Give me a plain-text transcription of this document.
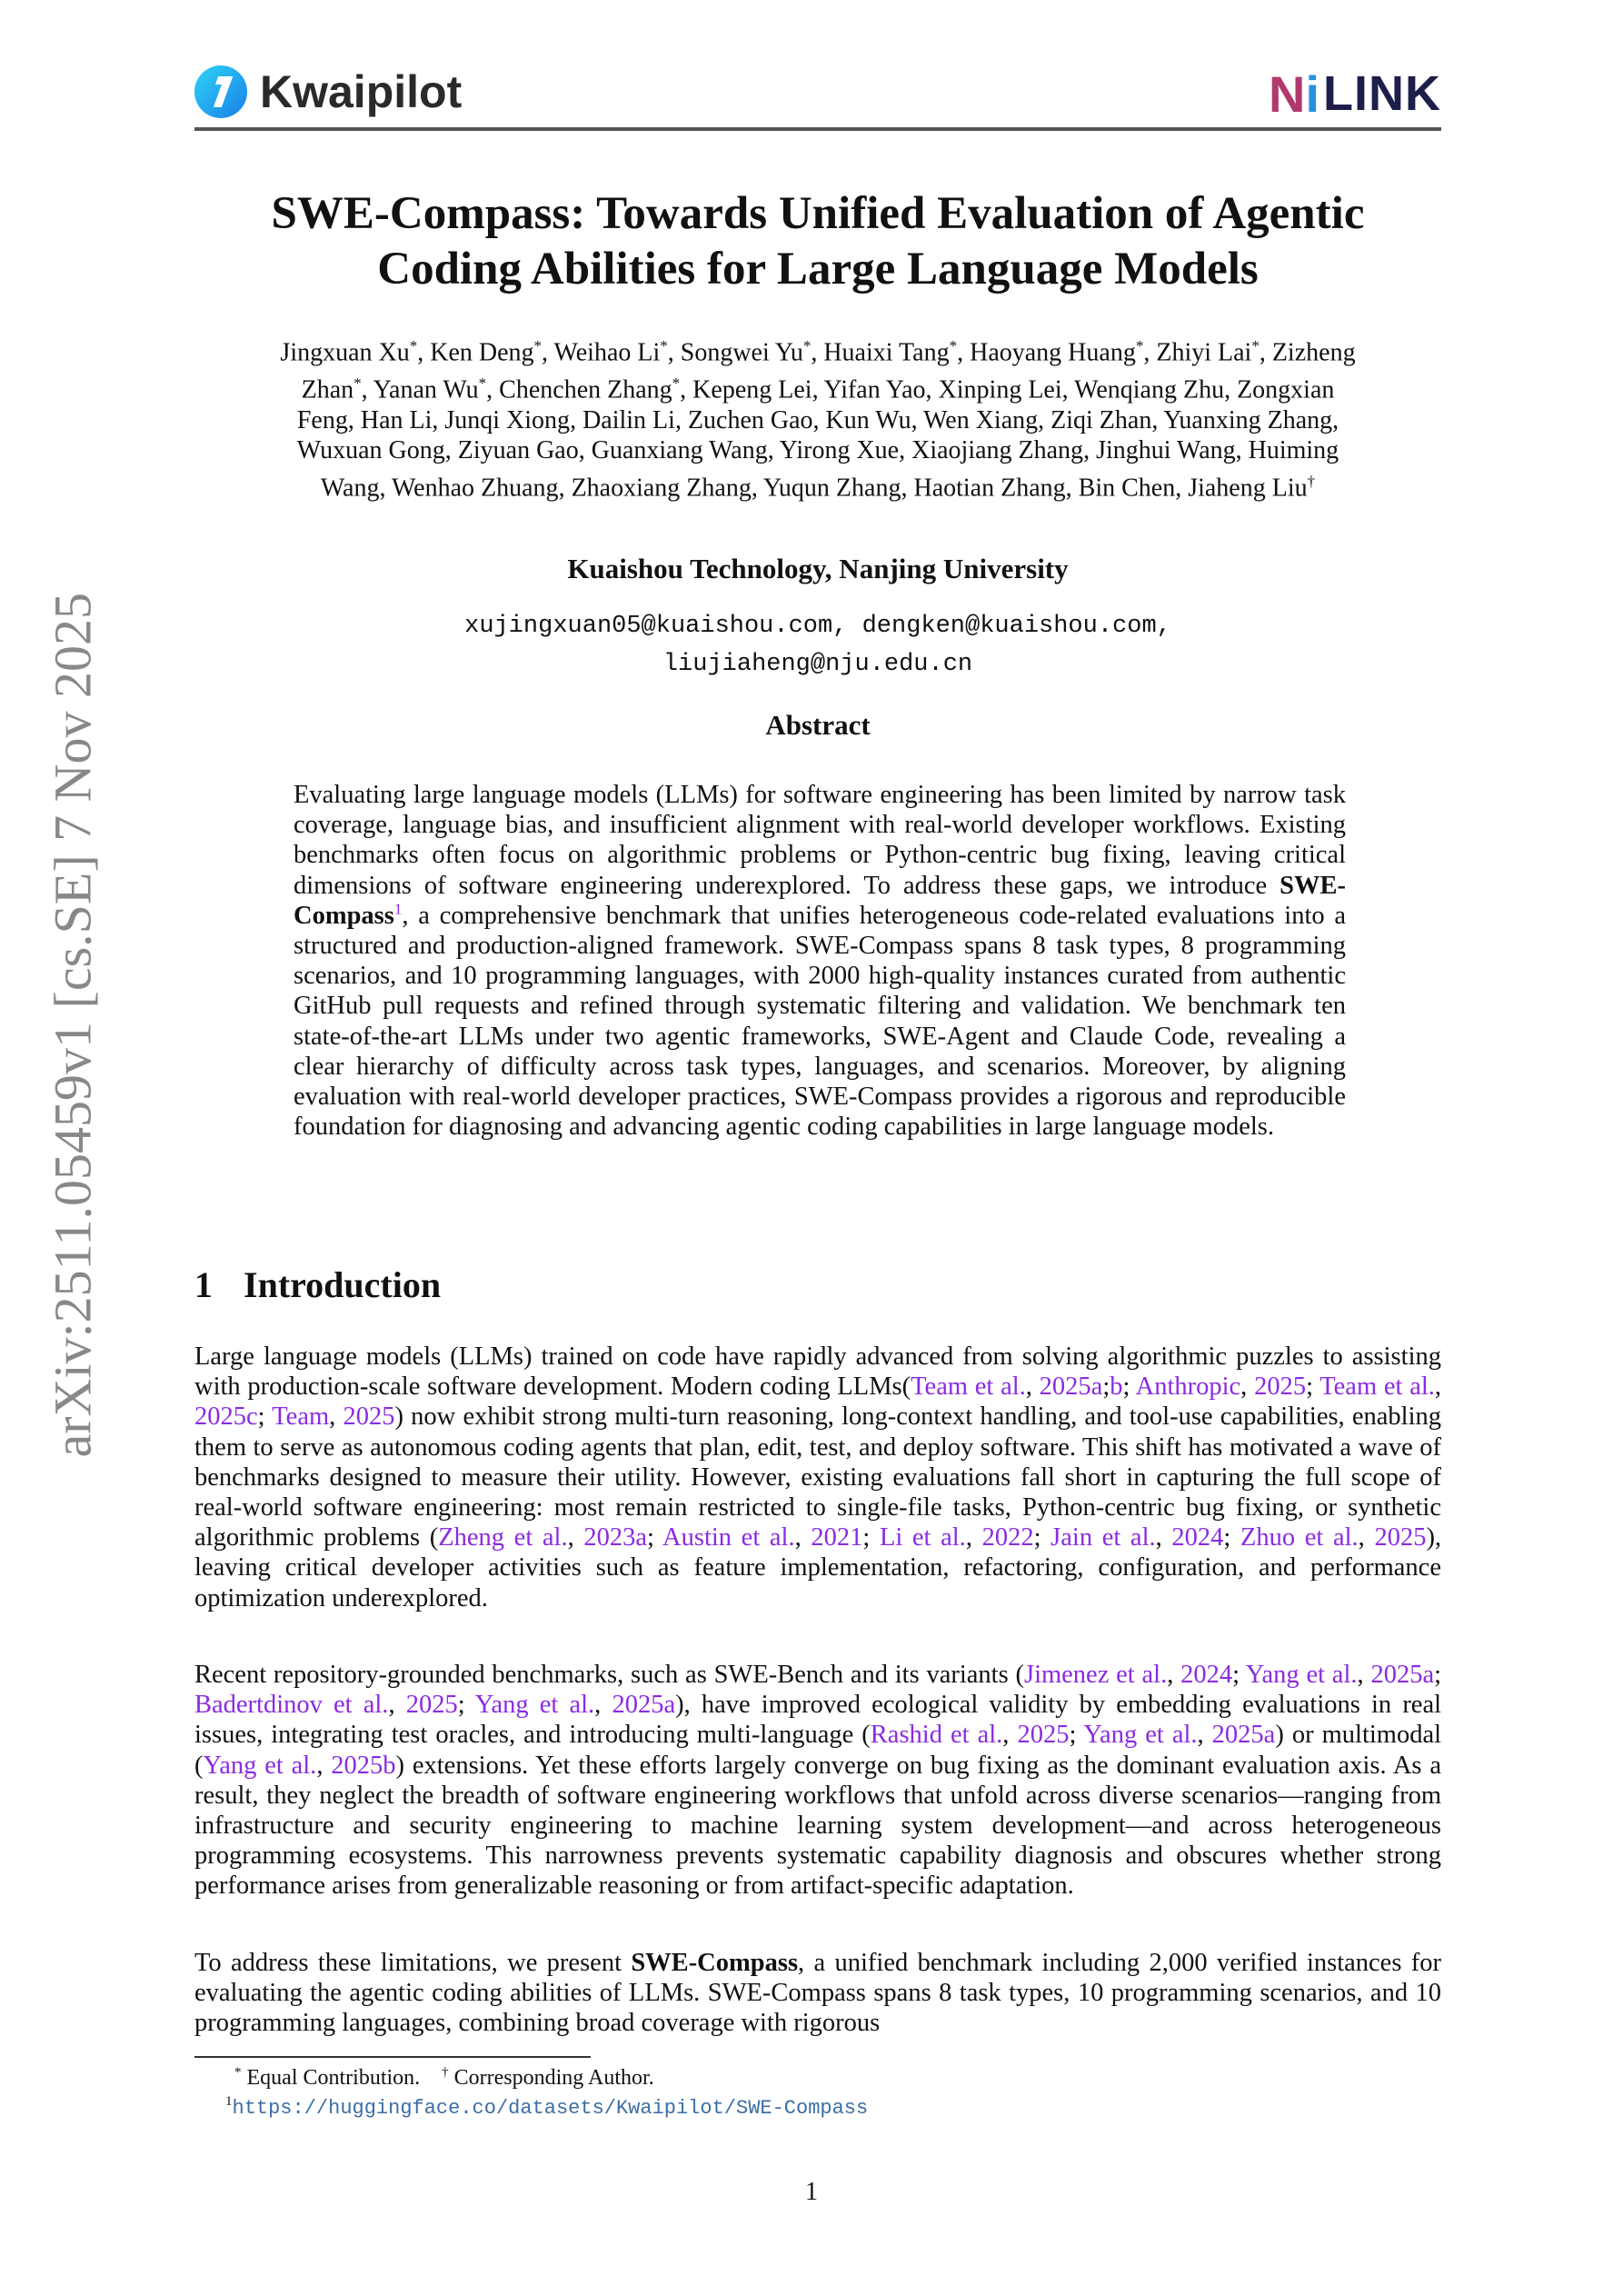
Kwaipilot	Ni LINK
arXiv:2511.05459v1 [cs.SE] 7 Nov 2025
SWE-Compass: Towards Unified Evaluation of Agentic
Coding Abilities for Large Language Models
Jingxuan Xu*, Ken Deng*, Weihao Li*, Songwei Yu*, Huaixi Tang*, Haoyang Huang*, Zhiyi Lai*, Zizheng Zhan*, Yanan Wu*, Chenchen Zhang*, Kepeng Lei, Yifan Yao, Xinping Lei, Wenqiang Zhu, Zongxian Feng, Han Li, Junqi Xiong, Dailin Li, Zuchen Gao, Kun Wu, Wen Xiang, Ziqi Zhan, Yuanxing Zhang, Wuxuan Gong, Ziyuan Gao, Guanxiang Wang, Yirong Xue, Xiaojiang Zhang, Jinghui Wang, Huiming Wang, Wenhao Zhuang, Zhaoxiang Zhang, Yuqun Zhang, Haotian Zhang, Bin Chen, Jiaheng Liu†
Kuaishou Technology, Nanjing University
xujingxuan05@kuaishou.com, dengken@kuaishou.com,
liujiaheng@nju.edu.cn
Abstract
Evaluating large language models (LLMs) for software engineering has been limited by narrow task coverage, language bias, and insufficient alignment with real-world developer workflows. Existing benchmarks often focus on algorithmic problems or Python-centric bug fixing, leaving critical dimensions of software engineering underexplored. To address these gaps, we introduce SWE-Compass$^1$, a comprehensive benchmark that unifies heterogeneous code-related evaluations into a structured and production-aligned framework. SWE-Compass spans 8 task types, 8 programming scenarios, and 10 programming languages, with 2000 high-quality instances curated from authentic GitHub pull requests and refined through systematic filtering and validation. We benchmark ten state-of-the-art LLMs under two agentic frameworks, SWE-Agent and Claude Code, revealing a clear hierarchy of difficulty across task types, languages, and scenarios. Moreover, by aligning evaluation with real-world developer practices, SWE-Compass provides a rigorous and reproducible foundation for diagnosing and advancing agentic coding capabilities in large language models.
1 Introduction
Large language models (LLMs) trained on code have rapidly advanced from solving algorithmic puzzles to assisting with production-scale software development. Modern coding LLMs(Team et al., 2025a;b; Anthropic, 2025; Team et al., 2025c; Team, 2025) now exhibit strong multi-turn reasoning, long-context handling, and tool-use capabilities, enabling them to serve as autonomous coding agents that plan, edit, test, and deploy software. This shift has motivated a wave of benchmarks designed to measure their utility. However, existing evaluations fall short in capturing the full scope of real-world software engineering: most remain restricted to single-file tasks, Python-centric bug fixing, or synthetic algorithmic problems (Zheng et al., 2023a; Austin et al., 2021; Li et al., 2022; Jain et al., 2024; Zhuo et al., 2025), leaving critical developer activities such as feature implementation, refactoring, configuration, and performance optimization underexplored.
Recent repository-grounded benchmarks, such as SWE-Bench and its variants (Jimenez et al., 2024; Yang et al., 2025a; Badertdinov et al., 2025; Yang et al., 2025a), have improved ecological validity by embedding evaluations in real issues, integrating test oracles, and introducing multi-language (Rashid et al., 2025; Yang et al., 2025a) or multimodal (Yang et al., 2025b) extensions. Yet these efforts largely converge on bug fixing as the dominant evaluation axis. As a result, they neglect the breadth of software engineering workflows that unfold across diverse scenarios—ranging from infrastructure and security engineering to machine learning system development—and across heterogeneous programming ecosystems. This narrowness prevents systematic capability diagnosis and obscures whether strong performance arises from generalizable reasoning or from artifact-specific adaptation.
To address these limitations, we present SWE-Compass, a unified benchmark including 2,000 verified instances for evaluating the agentic coding abilities of LLMs. SWE-Compass spans 8 task types, 10 programming scenarios, and 10 programming languages, combining broad coverage with rigorous
* Equal Contribution. † Corresponding Author.
$^1$https://huggingface.co/datasets/Kwaipilot/SWE-Compass
1
